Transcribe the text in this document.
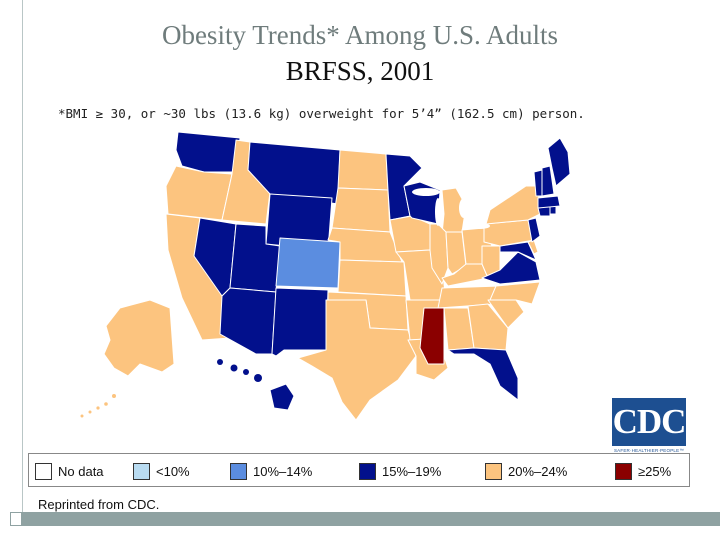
Obesity Trends* Among U.S. Adults
BRFSS, 2001
*BMI ≥ 30, or ~30 lbs (13.6 kg) overweight for 5’4” (162.5 cm) person.
CDC
SAFER·HEALTHIER·PEOPLE™
No data	<10%	10%–14%	15%–19%	20%–24%	≥25%
Reprinted from CDC.
